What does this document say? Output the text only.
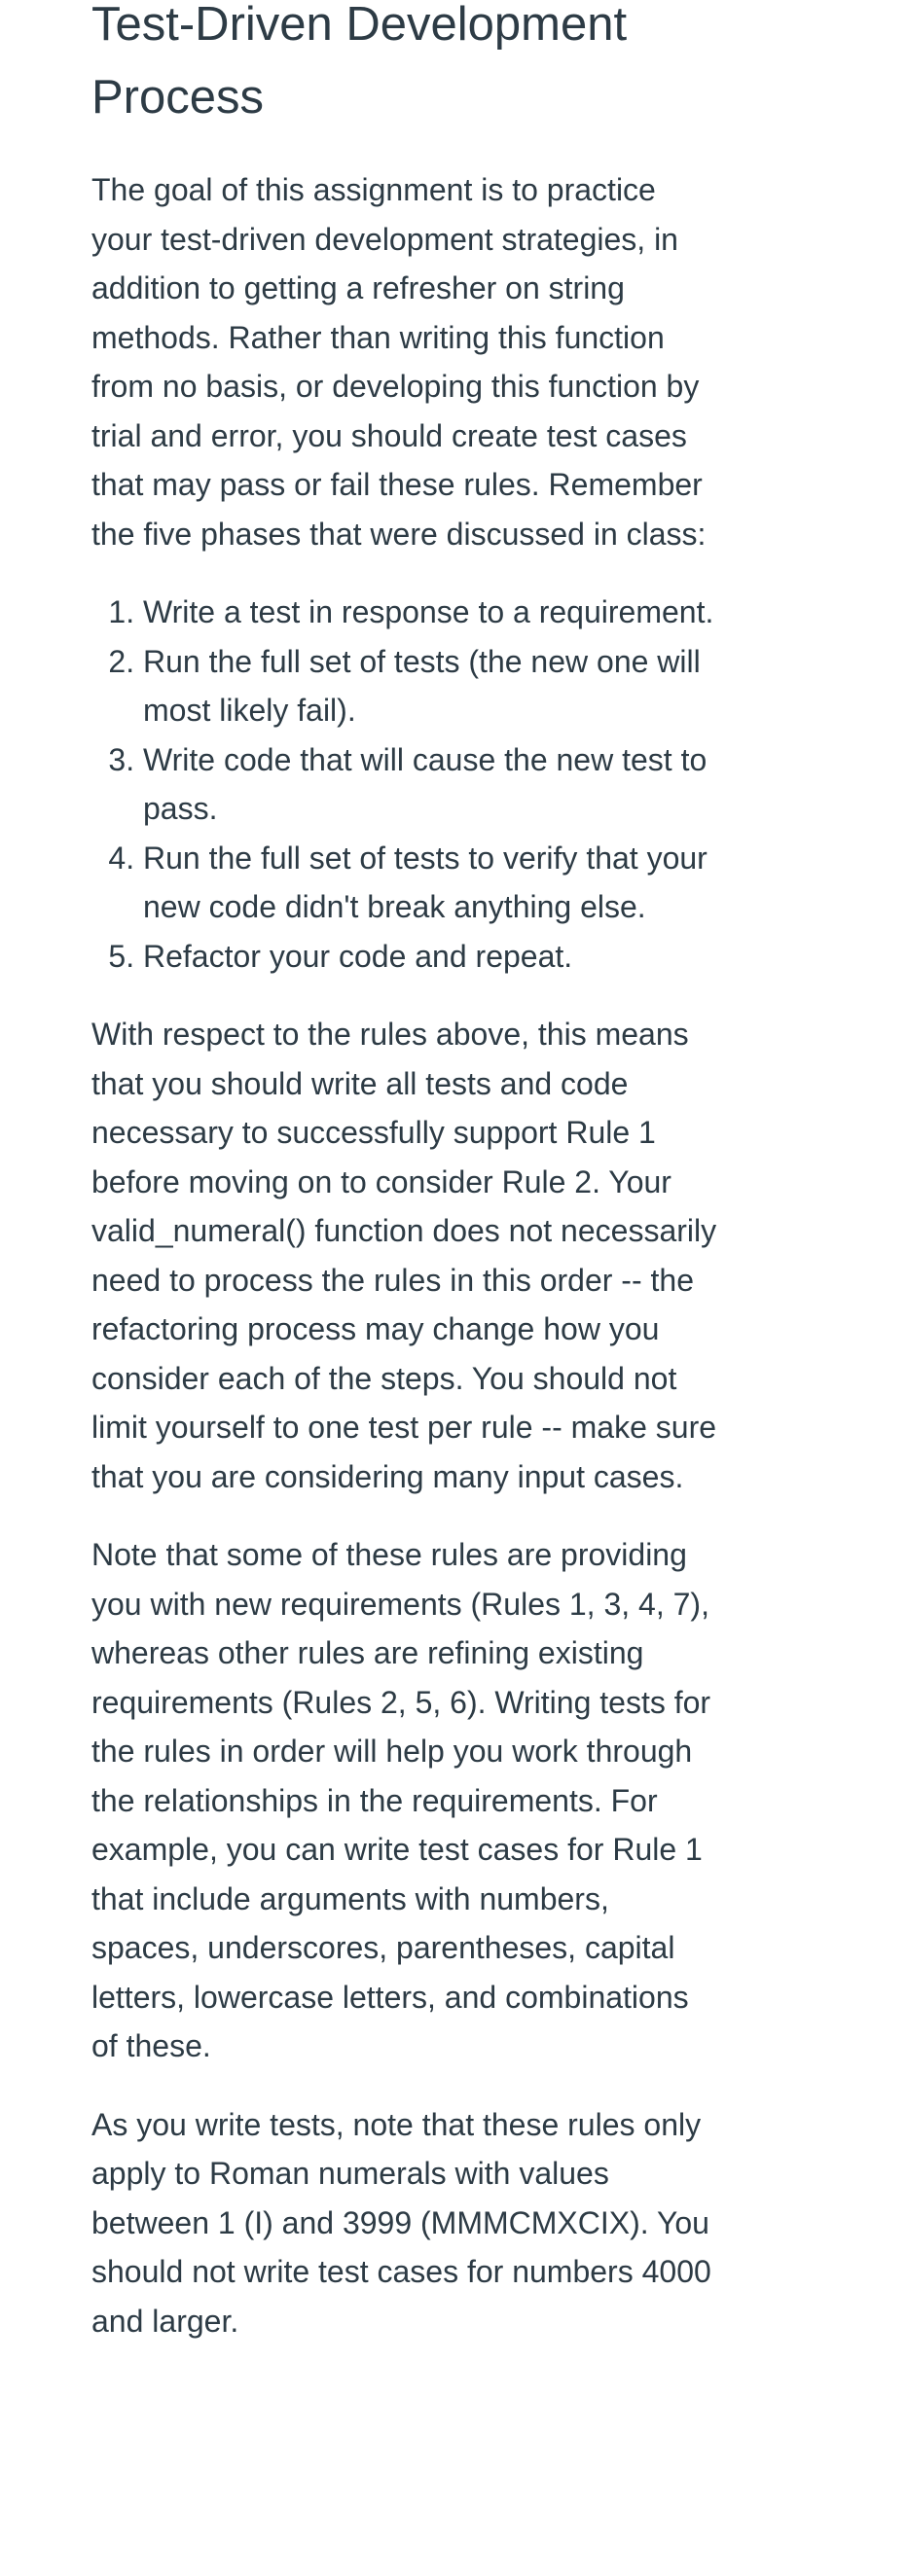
Test-Driven Development Process

The goal of this assignment is to practice your test-driven development strategies, in addition to getting a refresher on string methods. Rather than writing this function from no basis, or developing this function by trial and error, you should create test cases that may pass or fail these rules. Remember the five phases that were discussed in class:

1. Write a test in response to a requirement.
2. Run the full set of tests (the new one will most likely fail).
3. Write code that will cause the new test to pass.
4. Run the full set of tests to verify that your new code didn't break anything else.
5. Refactor your code and repeat.

With respect to the rules above, this means that you should write all tests and code necessary to successfully support Rule 1 before moving on to consider Rule 2. Your valid_numeral() function does not necessarily need to process the rules in this order -- the refactoring process may change how you consider each of the steps. You should not limit yourself to one test per rule -- make sure that you are considering many input cases.

Note that some of these rules are providing you with new requirements (Rules 1, 3, 4, 7), whereas other rules are refining existing requirements (Rules 2, 5, 6). Writing tests for the rules in order will help you work through the relationships in the requirements. For example, you can write test cases for Rule 1 that include arguments with numbers, spaces, underscores, parentheses, capital letters, lowercase letters, and combinations of these.

As you write tests, note that these rules only apply to Roman numerals with values between 1 (I) and 3999 (MMMCMXCIX). You should not write test cases for numbers 4000 and larger.
